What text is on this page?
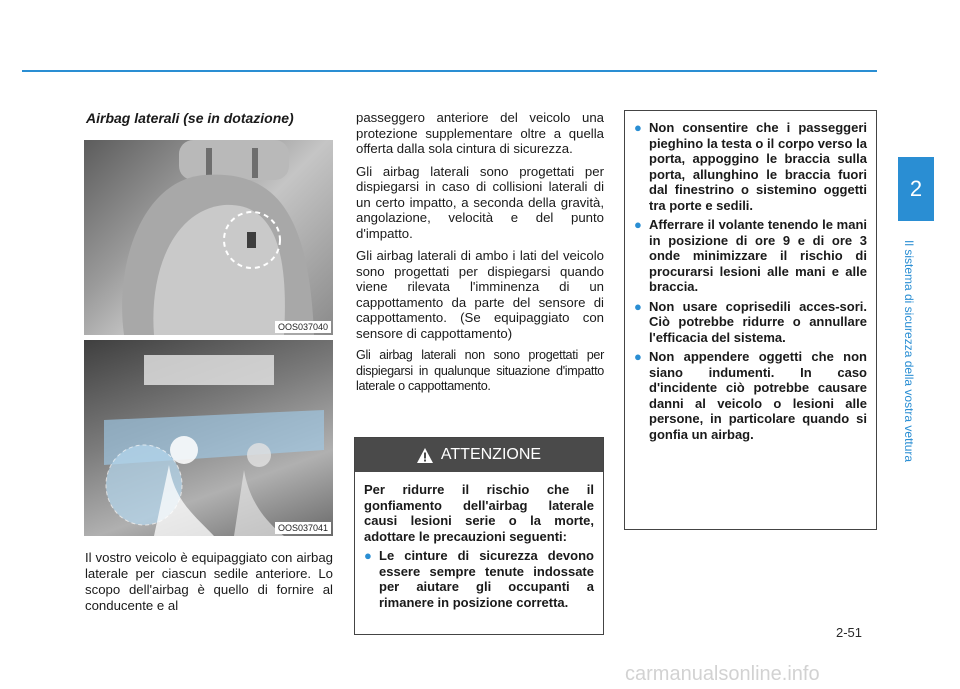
Airbag laterali (se in dotazione)
OOS037040
OOS037041
Il vostro veicolo è equipaggiato con airbag laterale per ciascun sedile anteriore. Lo scopo dell'airbag è quello di fornire al conducente e al

passeggero anteriore del veicolo una protezione supplementare oltre a quella offerta dalla sola cintura di sicurezza.

Gli airbag laterali sono progettati per dispiegarsi in caso di collisioni laterali di un certo impatto, a seconda della gravità, angolazione, velocità e del punto d'impatto.

Gli airbag laterali di ambo i lati del veicolo sono progettati per dispiegarsi quando viene rilevata l'imminenza di un cappottamento da parte del sensore di cappottamento. (Se equipaggiato con sensore di cappottamento)

Gli airbag laterali non sono progettati per dispiegarsi in qualunque situazione d'impatto laterale o cappottamento.

ATTENZIONE

Per ridurre il rischio che il gonfiamento dell'airbag laterale causi lesioni serie o la morte, adottare le precauzioni seguenti:

● Le cinture di sicurezza devono essere sempre tenute indossate per aiutare gli occupanti a rimanere in posizione corretta.
● Non consentire che i passeggeri pieghino la testa o il corpo verso la porta, appoggino le braccia sulla porta, allunghino le braccia fuori dal finestrino o sistemino oggetti tra porte e sedili.
● Afferrare il volante tenendo le mani in posizione di ore 9 e di ore 3 onde minimizzare il rischio di procurarsi lesioni alle mani e alle braccia.
● Non usare coprisedili acces-sori. Ciò potrebbe ridurre o annullare l'efficacia del sistema.
● Non appendere oggetti che non siano indumenti. In caso d'incidente ciò potrebbe causare danni al veicolo o lesioni alle persone, in particolare quando si gonfia un airbag.
2
Il sistema di sicurezza della vostra vettura
2-51
carmanualsonline.info
